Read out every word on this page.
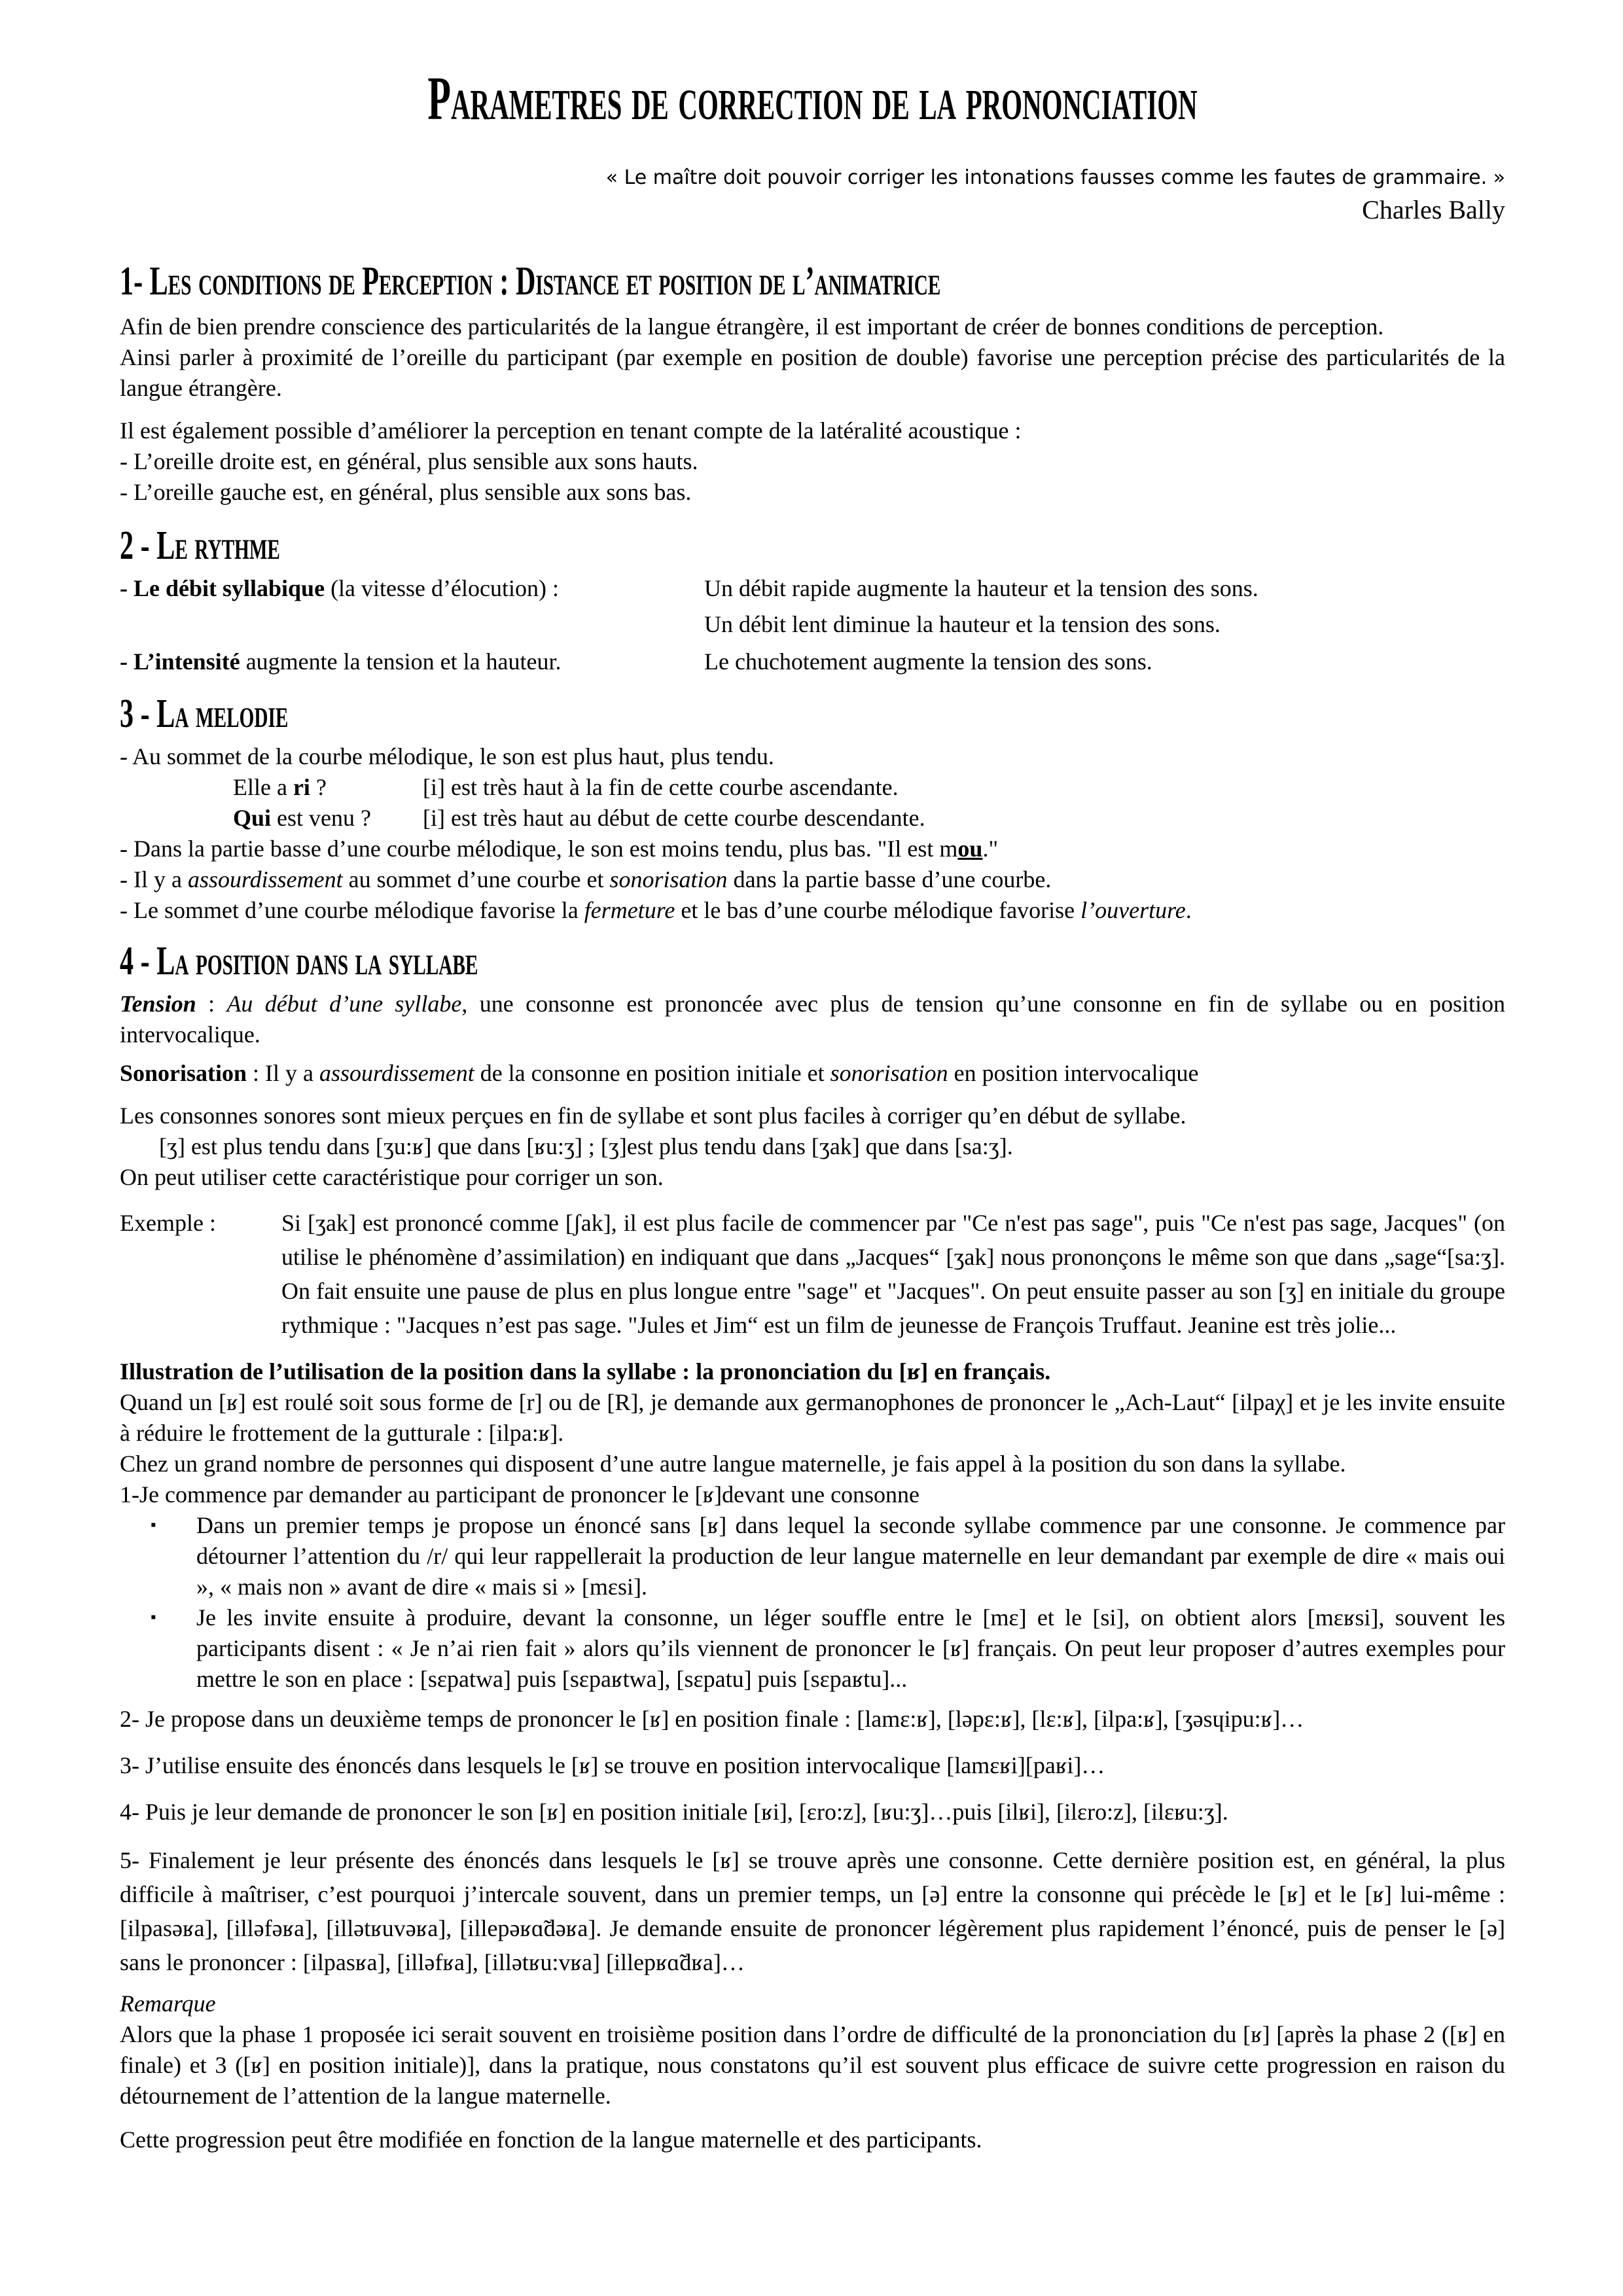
Parametres de correction de la prononciation
« Le maître doit pouvoir corriger les intonations fausses comme les fautes de grammaire. »
Charles Bally
1- Les conditions de Perception : Distance et position de l’animatrice

Afin de bien prendre conscience des particularités de la langue étrangère, il est important de créer de bonnes conditions de perception.

Ainsi parler à proximité de l’oreille du participant (par exemple en position de double) favorise une perception précise des particularités de la langue étrangère.

Il est également possible d’améliorer la perception en tenant compte de la latéralité acoustique :

- L’oreille droite est, en général, plus sensible aux sons hauts.

- L’oreille gauche est, en général, plus sensible aux sons bas.

2 - Le rythme
- Le débit syllabique (la vitesse d’élocution) :	Un débit rapide augmente la hauteur et la tension des sons.
Un débit lent diminue la hauteur et la tension des sons.
- L’intensité augmente la tension et la hauteur.	Le chuchotement augmente la tension des sons.
3 - La melodie

- Au sommet de la courbe mélodique, le son est plus haut, plus tendu.

Elle a ri ?	[i] est très haut à la fin de cette courbe ascendante.
Qui est venu ?	[i] est très haut au début de cette courbe descendante.

- Dans la partie basse d’une courbe mélodique, le son est moins tendu, plus bas. "Il est mou."

- Il y a assourdissement au sommet d’une courbe et sonorisation dans la partie basse d’une courbe.

- Le sommet d’une courbe mélodique favorise la fermeture et le bas d’une courbe mélodique favorise l’ouverture.

4 - La position dans la syllabe

Tension : Au début d’une syllabe, une consonne est prononcée avec plus de tension qu’une consonne en fin de syllabe ou en position intervocalique.

Sonorisation : Il y a assourdissement de la consonne en position initiale et sonorisation en position intervocalique

Les consonnes sonores sont mieux perçues en fin de syllabe et sont plus faciles à corriger qu’en début de syllabe.

[ʒ] est plus tendu dans [ʒu:ʁ] que dans [ʁu:ʒ] ; [ʒ]est plus tendu dans [ʒak] que dans [sa:ʒ].

On peut utiliser cette caractéristique pour corriger un son.

Exemple :	Si [ʒak] est prononcé comme [ʃak], il est plus facile de commencer par "Ce n'est pas sage", puis "Ce n'est pas sage, Jacques" (on utilise le phénomène d’assimilation) en indiquant que dans „Jacques“ [ʒak] nous prononçons le même son que dans „sage“[sa:ʒ]. On fait ensuite une pause de plus en plus longue entre "sage" et "Jacques". On peut ensuite passer au son [ʒ] en initiale du groupe rythmique : "Jacques n’est pas sage. "Jules et Jim“ est un film de jeunesse de François Truffaut. Jeanine est très jolie...

Illustration de l’utilisation de la position dans la syllabe : la prononciation du [ʁ] en français.

Quand un [ʁ] est roulé soit sous forme de [r] ou de [R], je demande aux germanophones de prononcer le „Ach-Laut“ [ilpaχ] et je les invite ensuite à réduire le frottement de la gutturale : [ilpa:ʁ].

Chez un grand nombre de personnes qui disposent d’une autre langue maternelle, je fais appel à la position du son dans la syllabe.

1-Je commence par demander au participant de prononcer le [ʁ]devant une consonne

▪	Dans un premier temps je propose un énoncé sans [ʁ] dans lequel la seconde syllabe commence par une consonne. Je commence par détourner l’attention du /r/ qui leur rappellerait la production de leur langue maternelle en leur demandant par exemple de dire « mais oui », « mais non » avant de dire « mais si » [mɛsi].
▪	Je les invite ensuite à produire, devant la consonne, un léger souffle entre le [mɛ] et le [si], on obtient alors [mɛʁsi], souvent les participants disent : « Je n’ai rien fait » alors qu’ils viennent de prononcer le [ʁ] français. On peut leur proposer d’autres exemples pour mettre le son en place : [sɛpatwa] puis [sɛpaʁtwa], [sɛpatu] puis [sɛpaʁtu]...

2- Je propose dans un deuxième temps de prononcer le [ʁ] en position finale : [lamɛ:ʁ], [ləpɛ:ʁ], [lɛ:ʁ], [ilpa:ʁ], [ʒəsɥipu:ʁ]…

3- J’utilise ensuite des énoncés dans lesquels le [ʁ] se trouve en position intervocalique [lamɛʁi][paʁi]…

4- Puis je leur demande de prononcer le son [ʁ] en position initiale [ʁi], [ɛro:z], [ʁu:ʒ]…puis [ilʁi], [ilɛro:z], [ilɛʁu:ʒ].

5- Finalement je leur présente des énoncés dans lesquels le [ʁ] se trouve après une consonne. Cette dernière position est, en général, la plus difficile à maîtriser, c’est pourquoi j’intercale souvent, dans un premier temps, un [ə] entre la consonne qui précède le [ʁ] et le [ʁ] lui-même : [ilpasəʁa], [illəfəʁa], [illətʁuvəʁa], [illepəʁɑ̃dəʁa]. Je demande ensuite de prononcer légèrement plus rapidement l’énoncé, puis de penser le [ə] sans le prononcer : [ilpasʁa], [illəfʁa], [illətʁu:vʁa] [illepʁɑ̃dʁa]…

Remarque

Alors que la phase 1 proposée ici serait souvent en troisième position dans l’ordre de difficulté de la prononciation du [ʁ] [après la phase 2 ([ʁ] en finale) et 3 ([ʁ] en position initiale)], dans la pratique, nous constatons qu’il est souvent plus efficace de suivre cette progression en raison du détournement de l’attention de la langue maternelle.

Cette progression peut être modifiée en fonction de la langue maternelle et des participants.
